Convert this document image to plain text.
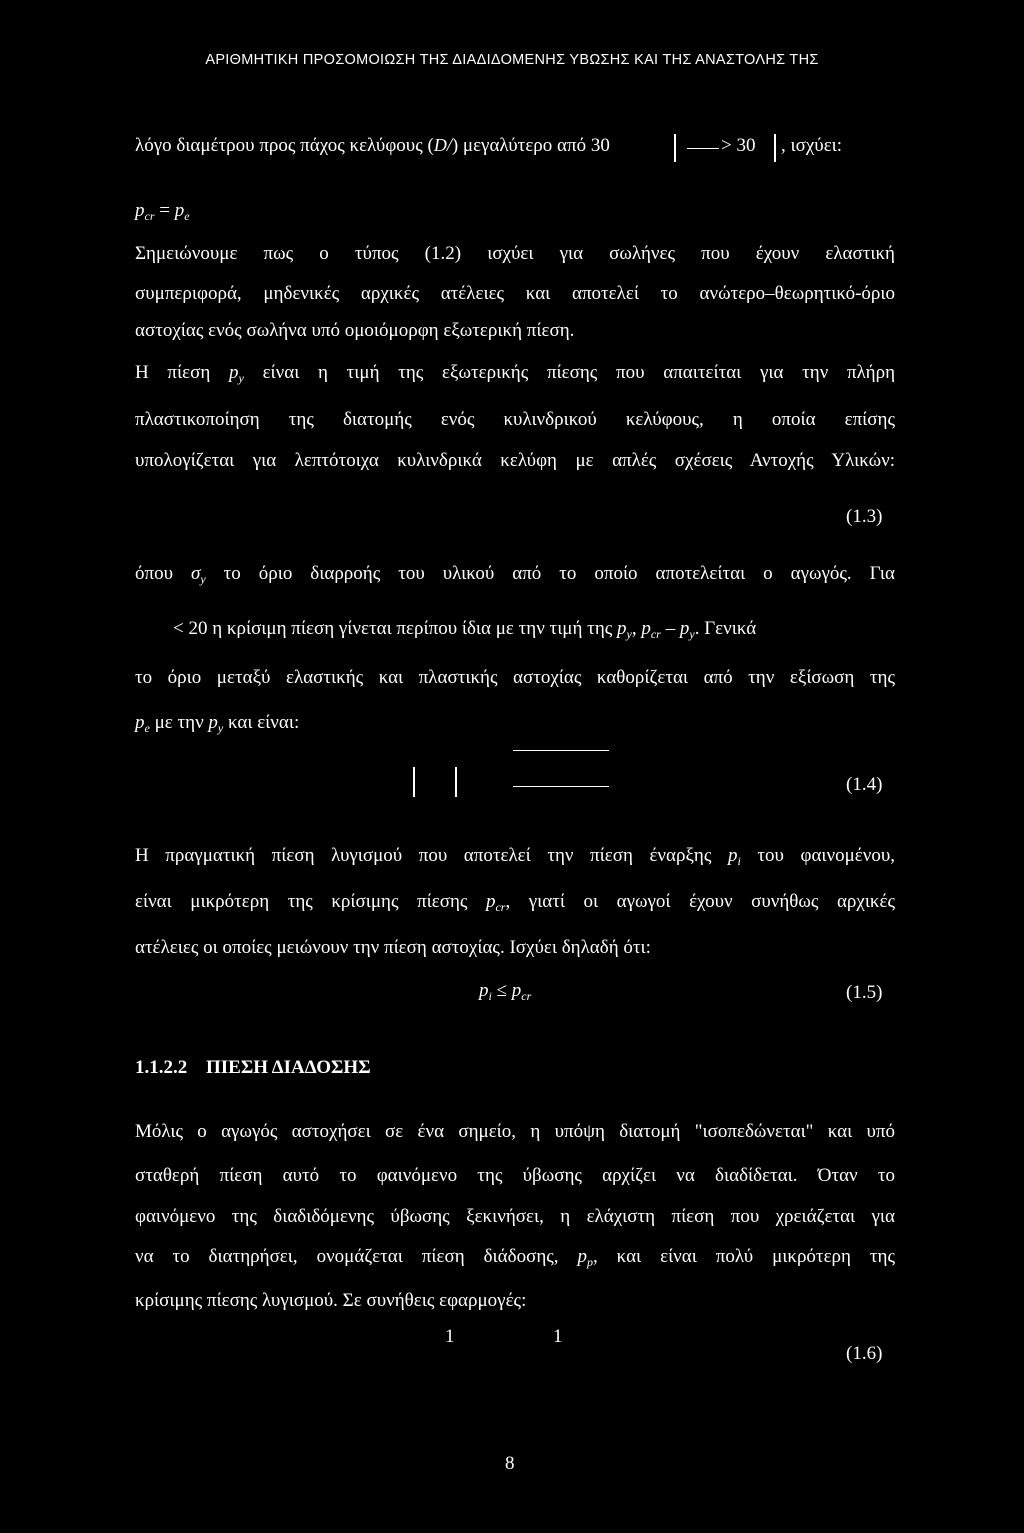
ΑΡΙΘΜΗΤΙΚΗ ΠΡΟΣΟΜΟΙΩΣΗ ΤΗΣ ΔΙΑΔΙΔΟΜΕΝΗΣ ΥΒΩΣΗΣ ΚΑΙ ΤΗΣ ΑΝΑΣΤΟΛΗΣ ΤΗΣ
λόγο διαμέτρου προς πάχος κελύφους (D/) μεγαλύτερο από 30	> 30 , ισχύει:
$p_{cr} = p_e$
Σημειώνουμε πως ο τύπος (1.2) ισχύει για σωλήνες που έχουν ελαστική
συμπεριφορά, μηδενικές αρχικές ατέλειες και αποτελεί το ανώτερο–θεωρητικό-όριο
αστοχίας ενός σωλήνα υπό ομοιόμορφη εξωτερική πίεση.
Η πίεση $p_y$ είναι η τιμή της εξωτερικής πίεσης που απαιτείται για την πλήρη
πλαστικοποίηση της διατομής ενός κυλινδρικού κελύφους, η οποία επίσης
υπολογίζεται για λεπτότοιχα κυλινδρικά κελύφη με απλές σχέσεις Αντοχής Υλικών:
(1.3)
όπου $\sigma_y$ το όριο διαρροής του υλικού από το οποίο αποτελείται ο αγωγός. Για
< 20 η κρίσιμη πίεση γίνεται περίπου ίδια με την τιμή της $p_y$, $p_{cr} - p_y$. Γενικά
το όριο μεταξύ ελαστικής και πλαστικής αστοχίας καθορίζεται από την εξίσωση της
$p_e$ με την $p_y$ και είναι:
(1.4)
Η πραγματική πίεση λυγισμού που αποτελεί την πίεση έναρξης $p_i$ του φαινομένου,
είναι μικρότερη της κρίσιμης πίεσης $p_{cr}$, γιατί οι αγωγοί έχουν συνήθως αρχικές
ατέλειες οι οποίες μειώνουν την πίεση αστοχίας. Ισχύει δηλαδή ότι:
$p_i \le p_{cr}$	(1.5)
1.1.2.2 ΠΙΕΣΗ ΔΙΑΔΟΣΗΣ
Μόλις ο αγωγός αστοχήσει σε ένα σημείο, η υπόψη διατομή "ισοπεδώνεται" και υπό
σταθερή πίεση αυτό το φαινόμενο της ύβωσης αρχίζει να διαδίδεται. Όταν το
φαινόμενο της διαδιδόμενης ύβωσης ξεκινήσει, η ελάχιστη πίεση που χρειάζεται για
να το διατηρήσει, ονομάζεται πίεση διάδοσης, $p_p$, και είναι πολύ μικρότερη της
κρίσιμης πίεσης λυγισμού. Σε συνήθεις εφαρμογές:
1	1
(1.6)
8
